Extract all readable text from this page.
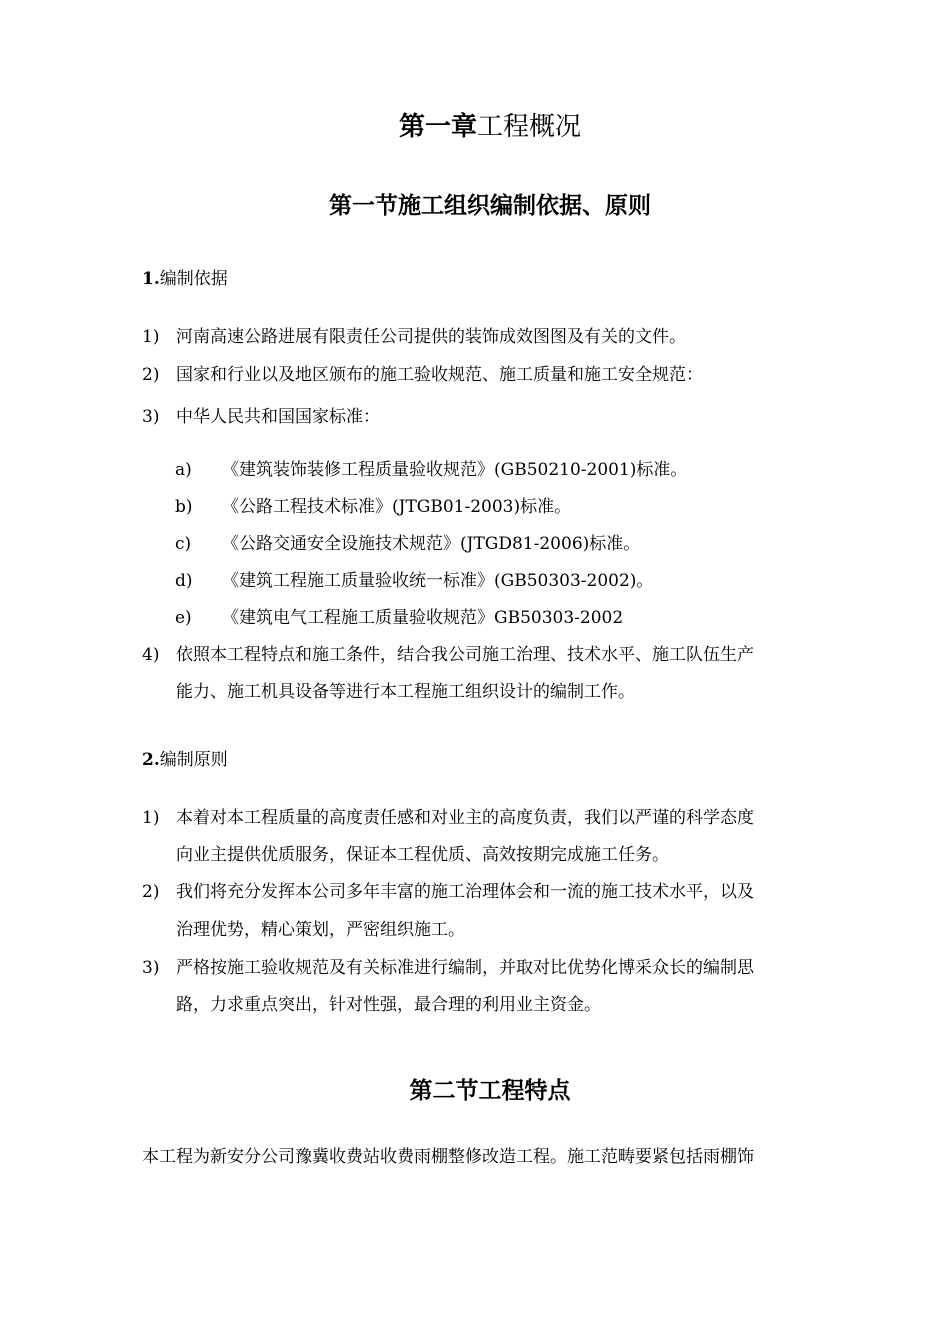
第一章工程概况
第一节施工组织编制依据、原则
1.编制依据
1) 河南高速公路进展有限责任公司提供的装饰成效图图及有关的文件。
2) 国家和行业以及地区颁布的施工验收规范、施工质量和施工安全规范：
3) 中华人民共和国国家标准：
a) 《建筑装饰装修工程质量验收规范》(GB50210-2001)标准。
b) 《公路工程技术标准》(JTGB01-2003)标准。
c) 《公路交通安全设施技术规范》(JTGD81-2006)标准。
d) 《建筑工程施工质量验收统一标准》(GB50303-2002)。
e) 《建筑电气工程施工质量验收规范》GB50303-2002
4) 依照本工程特点和施工条件，结合我公司施工治理、技术水平、施工队伍生产
能力、施工机具设备等进行本工程施工组织设计的编制工作。
2.编制原则
1) 本着对本工程质量的高度责任感和对业主的高度负责，我们以严谨的科学态度
向业主提供优质服务，保证本工程优质、高效按期完成施工任务。
2) 我们将充分发挥本公司多年丰富的施工治理体会和一流的施工技术水平，以及
治理优势，精心策划，严密组织施工。
3) 严格按施工验收规范及有关标准进行编制，并取对比优势化博采众长的编制思
路，力求重点突出，针对性强，最合理的利用业主资金。
第二节工程特点
本工程为新安分公司豫冀收费站收费雨棚整修改造工程。施工范畴要紧包括雨棚饰
